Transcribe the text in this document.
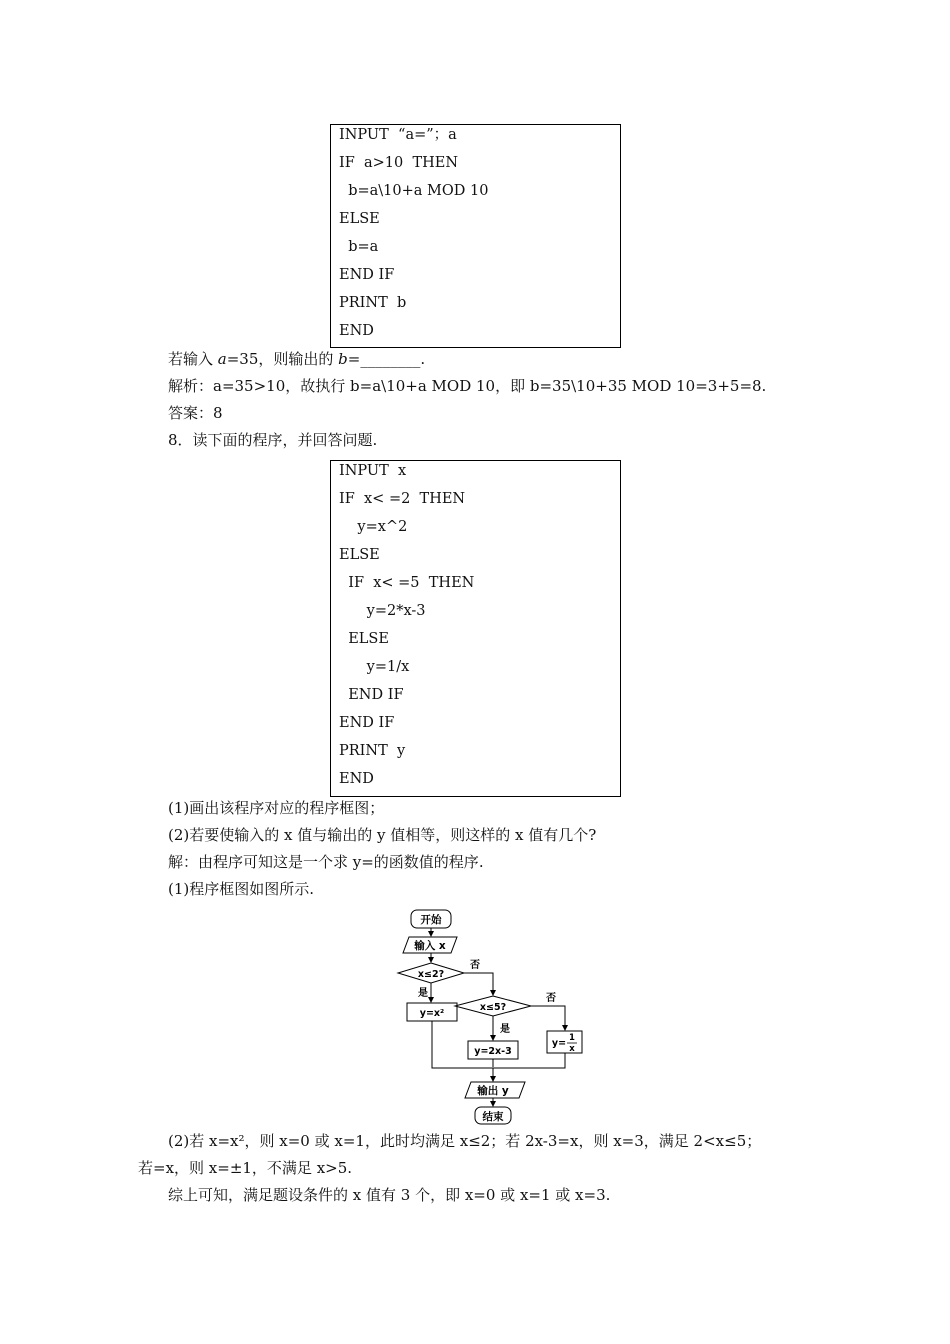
INPUT  “a=”；a
IF  a>10  THEN
b=a\10+a MOD 10
ELSE
b=a
END IF
PRINT  b
END
若输入 a=35，则输出的 b=________.
解析：a=35>10，故执行 b=a\10+a MOD 10，即 b=35\10+35 MOD 10=3+5=8.
答案：8
8．读下面的程序，并回答问题.
INPUT  x
IF  x< =2  THEN
y=x^2
ELSE
IF  x< =5  THEN
y=2*x-3
ELSE
y=1/x
END IF
END IF
PRINT  y
END
(1)画出该程序对应的程序框图；
(2)若要使输入的 x 值与输出的 y 值相等，则这样的 x 值有几个?
解：由程序可知这是一个求 y=的函数值的程序.
(1)程序框图如图所示.
开始
输入 x
x≤2?
x≤5?
否
是	否
是
y=x²
y=2x-3
y= 1
x
输出 y
结束
(2)若 x=x²，则 x=0 或 x=1，此时均满足 x≤2；若 2x-3=x，则 x=3，满足 2<x≤5；
若=x，则 x=±1，不满足 x>5.
综上可知，满足题设条件的 x 值有 3 个，即 x=0 或 x=1 或 x=3.
